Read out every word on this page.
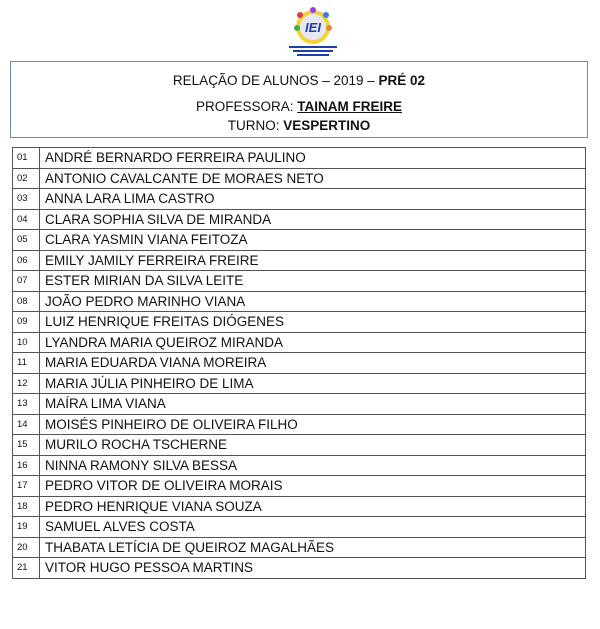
IEI
RELAÇÃO DE ALUNOS – 2019 – PRÉ 02
PROFESSORA: TAINAM FREIRE
TURNO: VESPERTINO
01	ANDRÉ BERNARDO FERREIRA PAULINO
02	ANTONIO CAVALCANTE DE MORAES NETO
03	ANNA LARA LIMA CASTRO
04	CLARA SOPHIA SILVA DE MIRANDA
05	CLARA YASMIN VIANA FEITOZA
06	EMILY JAMILY FERREIRA FREIRE
07	ESTER MIRIAN DA SILVA LEITE
08	JOÃO PEDRO MARINHO VIANA
09	LUIZ HENRIQUE FREITAS DIÓGENES
10	LYANDRA MARIA QUEIROZ MIRANDA
11	MARIA EDUARDA VIANA MOREIRA
12	MARIA JÚLIA PINHEIRO DE LIMA
13	MAÍRA LIMA VIANA
14	MOISÉS PINHEIRO DE OLIVEIRA FILHO
15	MURILO ROCHA TSCHERNE
16	NINNA RAMONY SILVA BESSA
17	PEDRO VITOR DE OLIVEIRA MORAIS
18	PEDRO HENRIQUE VIANA SOUZA
19	SAMUEL ALVES COSTA
20	THABATA LETÍCIA DE QUEIROZ MAGALHÃES
21	VITOR HUGO PESSOA MARTINS
